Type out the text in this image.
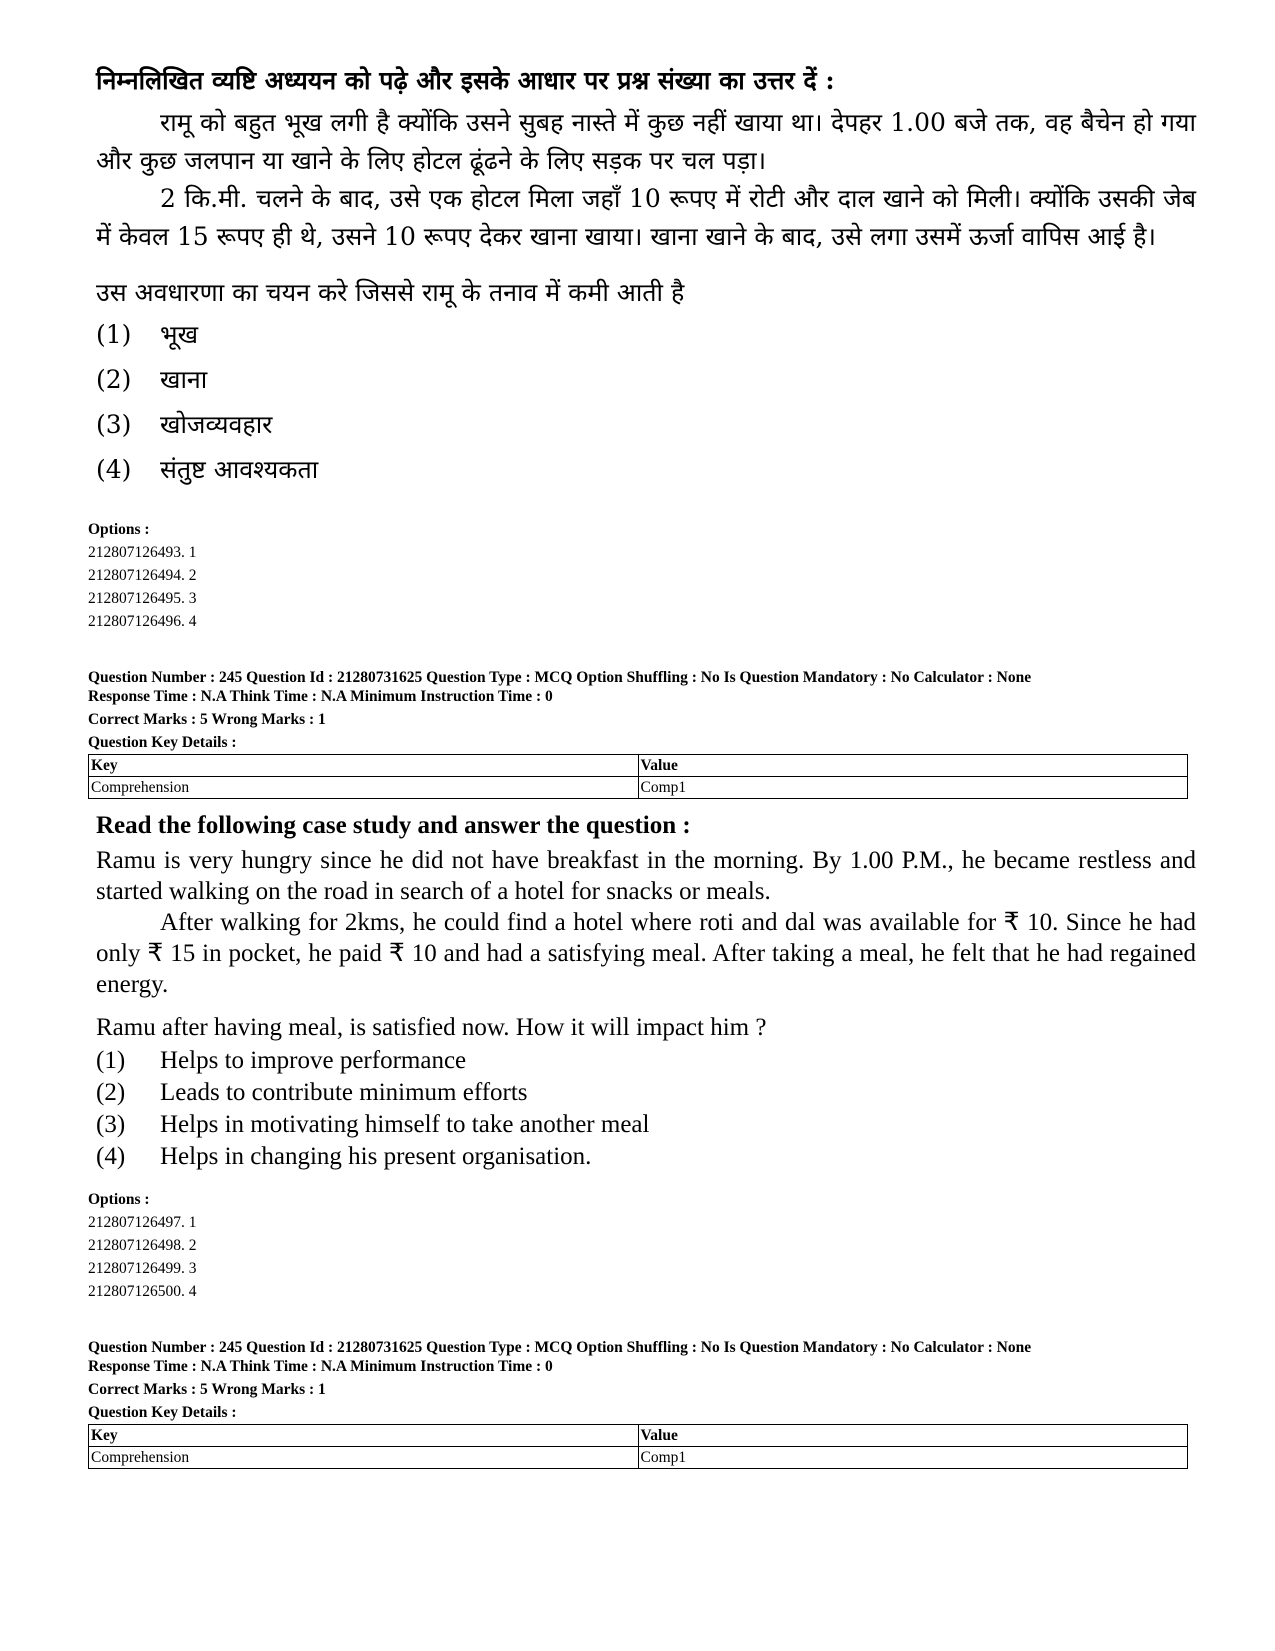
निम्नलिखित व्यष्टि अध्ययन को पढ़े और इसके आधार पर प्रश्न संख्या का उत्तर दें :

रामू को बहुत भूख लगी है क्योंकि उसने सुबह नास्ते में कुछ नहीं खाया था। देपहर 1.00 बजे तक, वह बैचेन हो गया और कुछ जलपान या खाने के लिए होटल ढूंढने के लिए सड़क पर चल पड़ा।

2 कि.मी. चलने के बाद, उसे एक होटल मिला जहाँ 10 रूपए में रोटी और दाल खाने को मिली। क्योंकि उसकी जेब में केवल 15 रूपए ही थे, उसने 10 रूपए देकर खाना खाया। खाना खाने के बाद, उसे लगा उसमें ऊर्जा वापिस आई है।

उस अवधारणा का चयन करे जिससे रामू के तनाव में कमी आती है

(1)	भूख
(2)	खाना
(3)	खोजव्यवहार
(4)	संतुष्ट आवश्यकता

Options :

212807126493. 1

212807126494. 2

212807126495. 3

212807126496. 4

Question Number : 245 Question Id : 21280731625 Question Type : MCQ Option Shuffling : No Is Question Mandatory : No Calculator : None

Response Time : N.A Think Time : N.A Minimum Instruction Time : 0

Correct Marks : 5 Wrong Marks : 1

Question Key Details :

Key	Value
Comprehension	Comp1

Read the following case study and answer the question :

Ramu is very hungry since he did not have breakfast in the morning. By 1.00 P.M., he became restless and started walking on the road in search of a hotel for snacks or meals.

After walking for 2kms, he could find a hotel where roti and dal was available for ₹ 10. Since he had only ₹ 15 in pocket, he paid ₹ 10 and had a satisfying meal. After taking a meal, he felt that he had regained energy.

Ramu after having meal, is satisfied now. How it will impact him ?

(1)	Helps to improve performance
(2)	Leads to contribute minimum efforts
(3)	Helps in motivating himself to take another meal
(4)	Helps in changing his present organisation.

Options :

212807126497. 1

212807126498. 2

212807126499. 3

212807126500. 4

Question Number : 245 Question Id : 21280731625 Question Type : MCQ Option Shuffling : No Is Question Mandatory : No Calculator : None

Response Time : N.A Think Time : N.A Minimum Instruction Time : 0

Correct Marks : 5 Wrong Marks : 1

Question Key Details :

Key	Value
Comprehension	Comp1
